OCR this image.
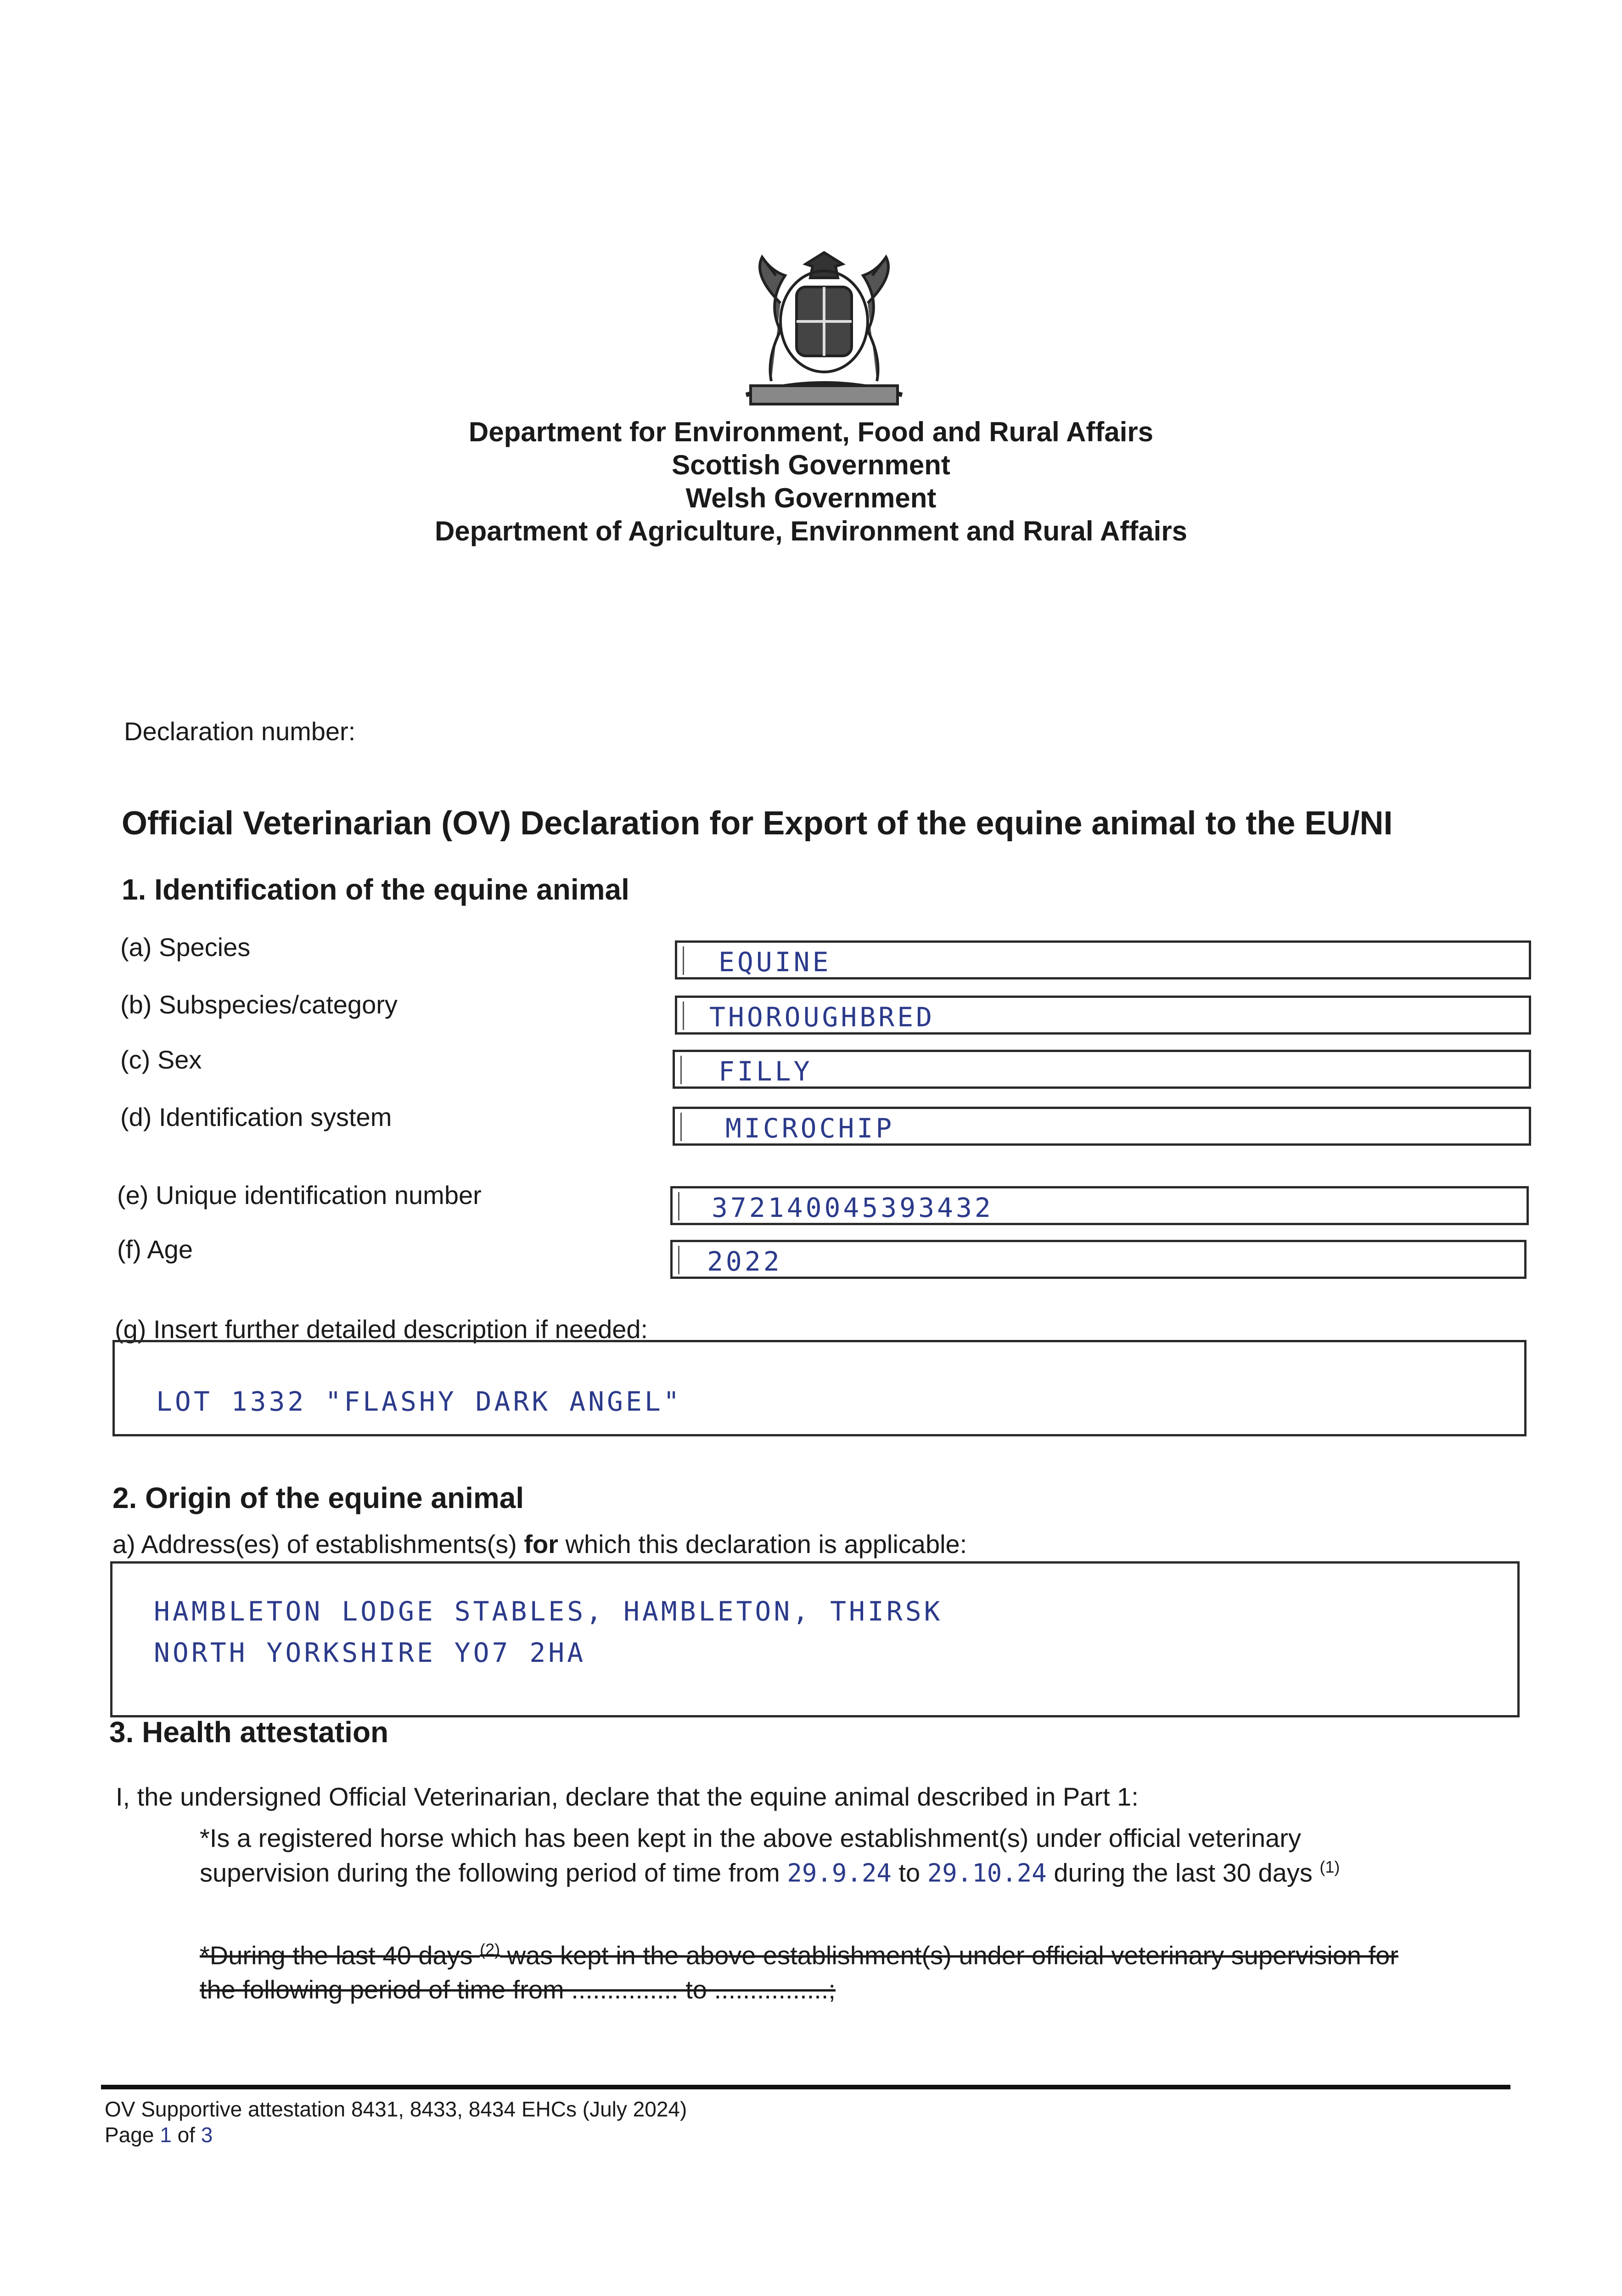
Department for Environment, Food and Rural Affairs
Scottish Government
Welsh Government
Department of Agriculture, Environment and Rural Affairs
Declaration number:
Official Veterinarian (OV) Declaration for Export of the equine animal to the EU/NI
1. Identification of the equine animal
(a) Species	EQUINE
(b) Subspecies/category	THOROUGHBRED
(c) Sex	FILLY
(d) Identification system	MICROCHIP
(e) Unique identification number	372140045393432
(f) Age	2022
(g) Insert further detailed description if needed:
LOT 1332 "FLASHY DARK ANGEL"
2. Origin of the equine animal
a) Address(es) of establishments(s) for which this declaration is applicable:
HAMBLETON LODGE STABLES, HAMBLETON, THIRSK
NORTH YORKSHIRE YO7 2HA
3. Health attestation
I, the undersigned Official Veterinarian, declare that the equine animal described in Part 1:
*Is a registered horse which has been kept in the above establishment(s) under official veterinary
supervision during the following period of time from 29.9.24 to 29.10.24 during the last 30 days $^{(1)}$
*During the last 40 days $^{(2)}$ was kept in the above establishment(s) under official veterinary supervision for
the following period of time from ............... to ................;
OV Supportive attestation 8431, 8433, 8434 EHCs (July 2024)
Page 1 of 3
